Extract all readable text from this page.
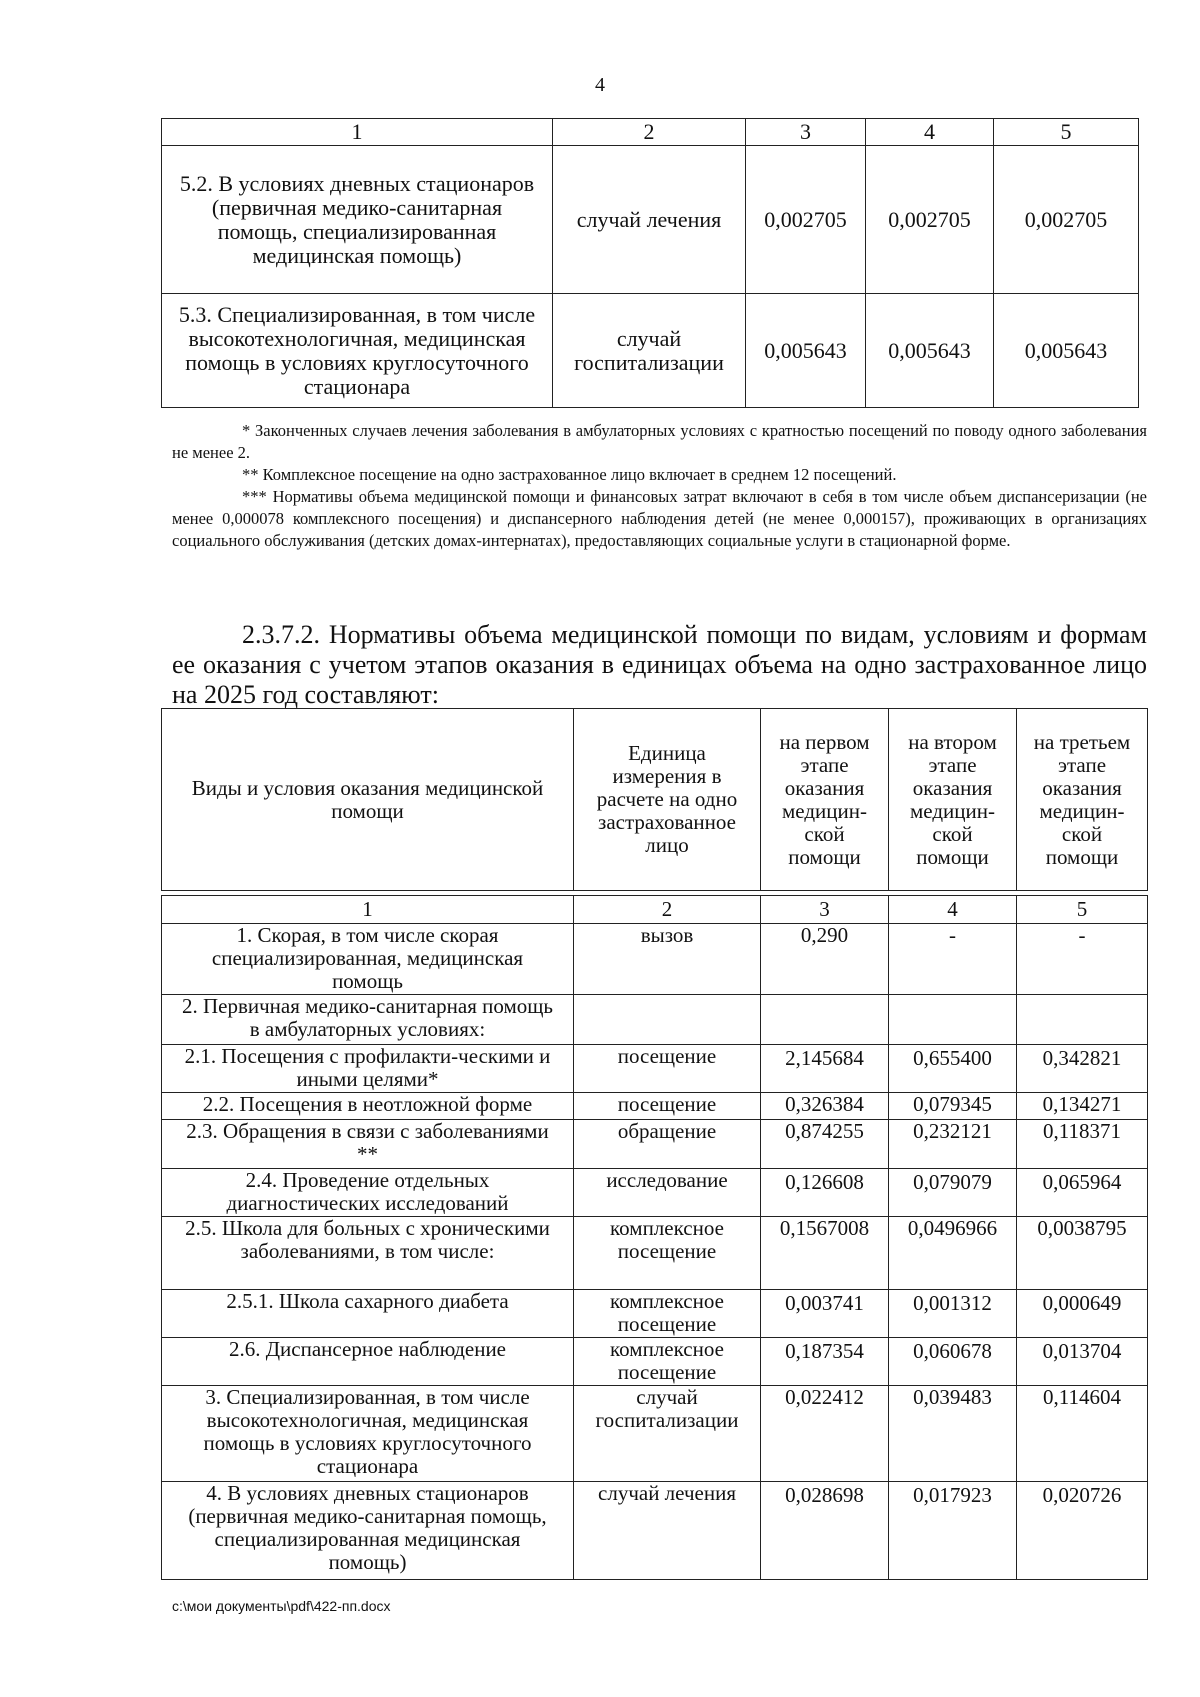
4
1	2	3	4	5
5.2. В условиях дневных стационаров (первичная медико-санитарная помощь, специализированная медицинская помощь)	случай лечения	0,002705	0,002705	0,002705
5.3. Специализированная, в том числе высокотехнологичная, медицинская помощь в условиях круглосуточного стационара	случай госпитализации	0,005643	0,005643	0,005643

* Законченных случаев лечения заболевания в амбулаторных условиях с кратностью посещений по поводу одного заболевания не менее 2.

** Комплексное посещение на одно застрахованное лицо включает в среднем 12 посещений.

*** Нормативы объема медицинской помощи и финансовых затрат включают в себя в том числе объем диспансеризации (не менее 0,000078 комплексного посещения) и диспансерного наблюдения детей (не менее 0,000157), проживающих в организациях социального обслуживания (детских домах-интернатах), предоставляющих социальные услуги в стационарной форме.

2.3.7.2. Нормативы объема медицинской помощи по видам, условиям и формам ее оказания с учетом этапов оказания в единицах объема на одно застрахованное лицо на 2025 год составляют:

Виды и условия оказания медицинской помощи	Единица измерения в расчете на одно застрахованное лицо	на первом этапе оказания медицин-ской помощи	на втором этапе оказания медицин-ской помощи	на третьем этапе оказания медицин-ской помощи
1	2	3	4	5
1. Скорая, в том числе скорая специализированная, медицинская помощь	вызов	0,290	-	-
2. Первичная медико-санитарная помощь в амбулаторных условиях:				
2.1. Посещения с профилакти-ческими и иными целями*	посещение	2,145684	0,655400	0,342821
2.2. Посещения в неотложной форме	посещение	0,326384	0,079345	0,134271
2.3. Обращения в связи с заболеваниями **	обращение	0,874255	0,232121	0,118371
2.4. Проведение отдельных диагностических исследований	исследование	0,126608	0,079079	0,065964
2.5. Школа для больных с хроническими заболеваниями, в том числе:	комплексное посещение	0,1567008	0,0496966	0,0038795
2.5.1. Школа сахарного диабета	комплексное посещение	0,003741	0,001312	0,000649
2.6. Диспансерное наблюдение	комплексное посещение	0,187354	0,060678	0,013704
3. Специализированная, в том числе высокотехнологичная, медицинская помощь в условиях круглосуточного стационара	случай госпитализации	0,022412	0,039483	0,114604
4. В условиях дневных стационаров (первичная медико-санитарная помощь, специализированная медицинская помощь)	случай лечения	0,028698	0,017923	0,020726
c:\мои документы\pdf\422-пп.docx
